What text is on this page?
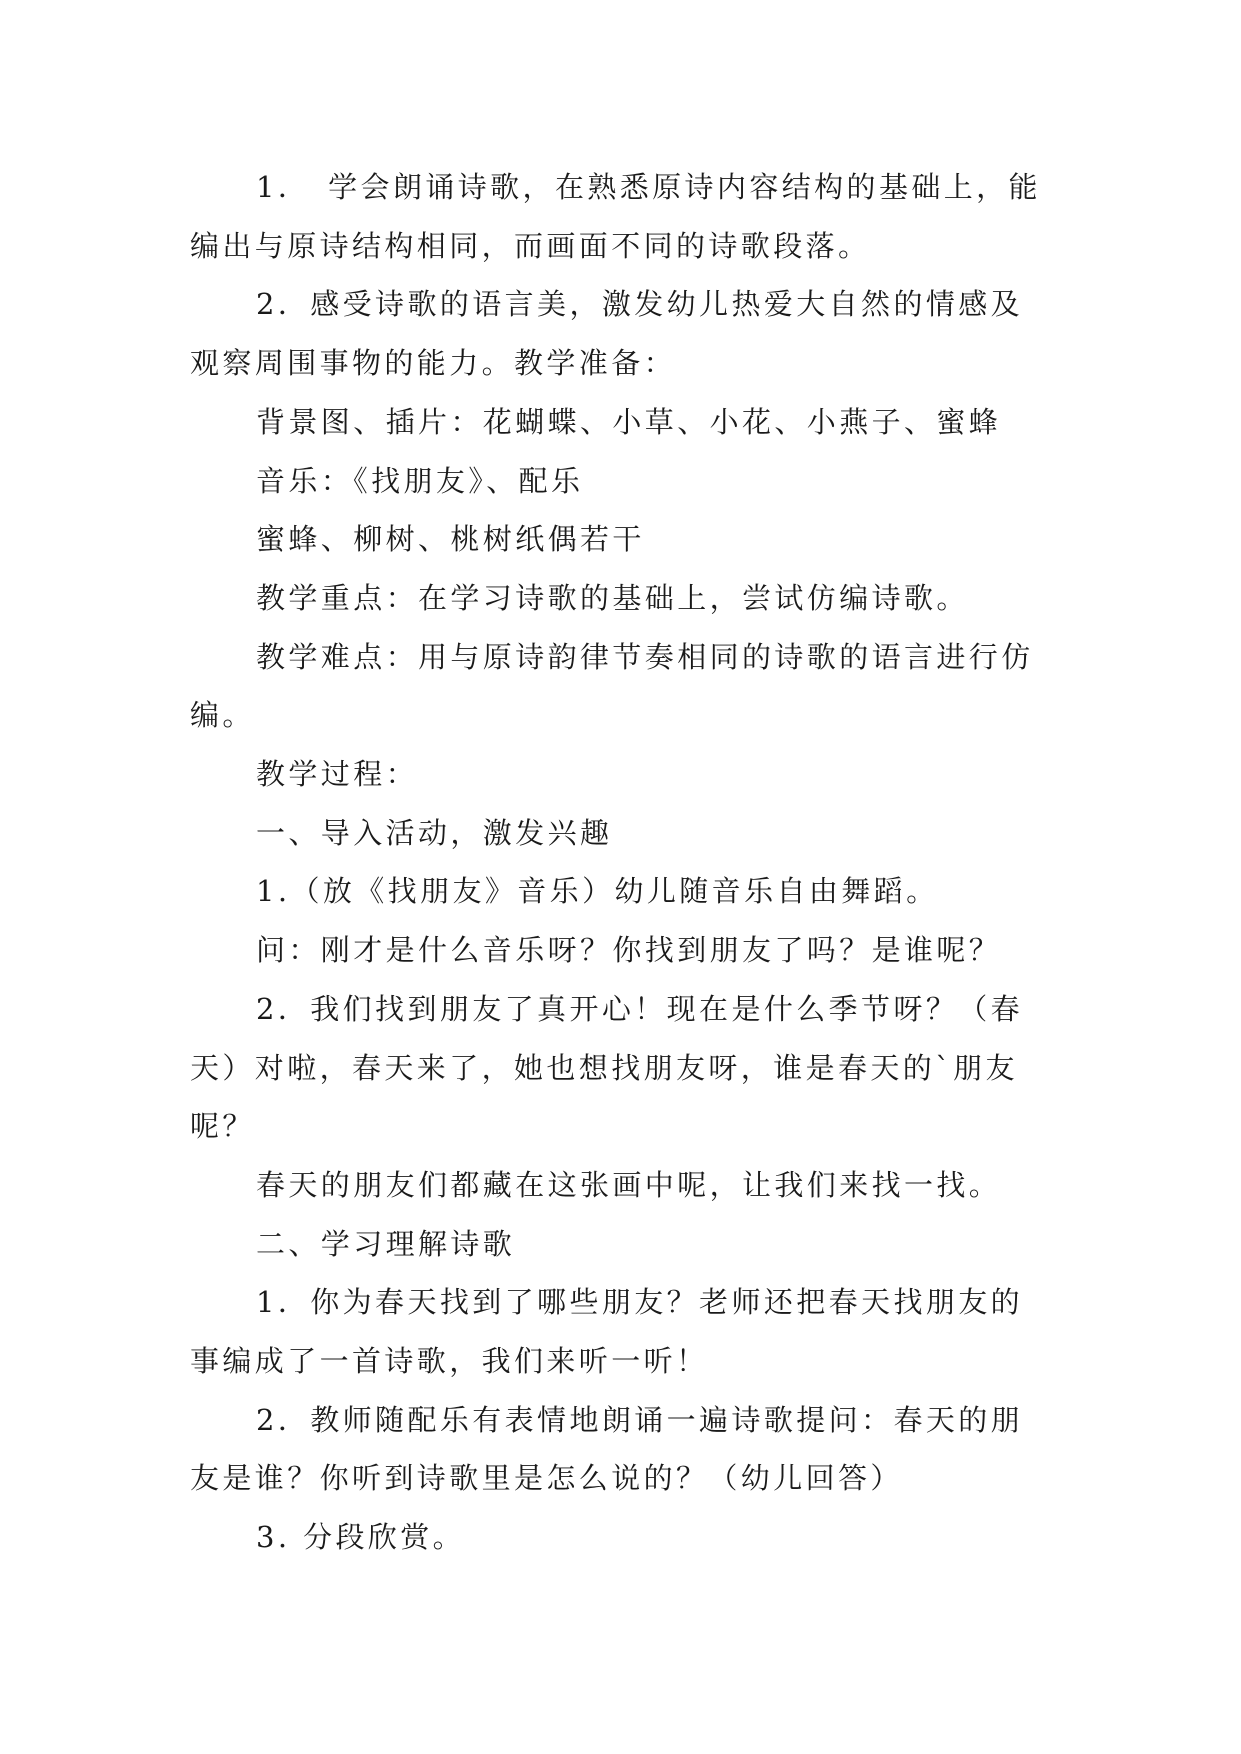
1．　学会朗诵诗歌，在熟悉原诗内容结构的基础上，能编出与原诗结构相同，而画面不同的诗歌段落。

2．感受诗歌的语言美，激发幼儿热爱大自然的情感及观察周围事物的能力。教学准备：

背景图、插片：花蝴蝶、小草、小花、小燕子、蜜蜂

音乐：《找朋友》、配乐

蜜蜂、柳树、桃树纸偶若干

教学重点：在学习诗歌的基础上，尝试仿编诗歌。

教学难点：用与原诗韵律节奏相同的诗歌的语言进行仿编。

教学过程：

一、导入活动，激发兴趣

1.（放《找朋友》音乐）幼儿随音乐自由舞蹈。

问：刚才是什么音乐呀？你找到朋友了吗？是谁呢？

2．我们找到朋友了真开心！现在是什么季节呀？（春天）对啦，春天来了，她也想找朋友呀，谁是春天的`朋友呢？

春天的朋友们都藏在这张画中呢，让我们来找一找。

二、学习理解诗歌

1．你为春天找到了哪些朋友？老师还把春天找朋友的事编成了一首诗歌，我们来听一听！

2．教师随配乐有表情地朗诵一遍诗歌提问：春天的朋友是谁？你听到诗歌里是怎么说的？（幼儿回答）

3. 分段欣赏。
